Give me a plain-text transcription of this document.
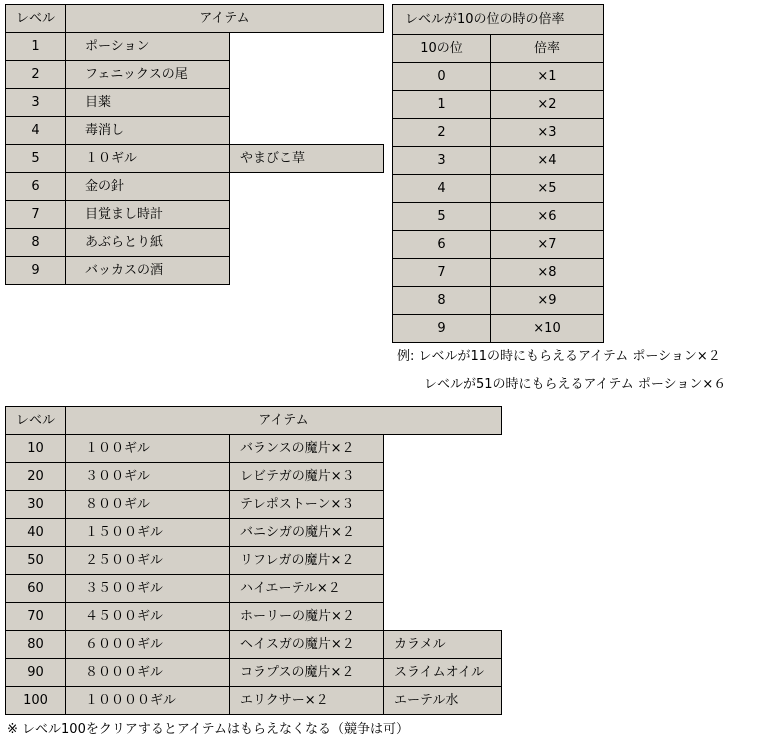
レベル	アイテム
1	ポーション
2	フェニックスの尾
3	目薬
4	毒消し
5	１０ギル	やまびこ草
6	金の針
7	目覚まし時計
8	あぶらとり紙
9	バッカスの酒
レベルが10の位の時の倍率
10の位	倍率
0	×1
1	×2
2	×3
3	×4
4	×5
5	×6
6	×7
7	×8
8	×9
9	×10
例: レベルが11の時にもらえるアイテム ポーション×２
レベルが51の時にもらえるアイテム ポーション×６
レベル	アイテム
10	１００ギル	バランスの魔片×２
20	３００ギル	レビテガの魔片×３
30	８００ギル	テレポストーン×３
40	１５００ギル	バニシガの魔片×２
50	２５００ギル	リフレガの魔片×２
60	３５００ギル	ハイエーテル×２
70	４５００ギル	ホーリーの魔片×２
80	６０００ギル	ヘイスガの魔片×２	カラメル
90	８０００ギル	コラプスの魔片×２	スライムオイル
100	１００００ギル	エリクサー×２	エーテル水
※ レベル100をクリアするとアイテムはもらえなくなる（競争は可）
